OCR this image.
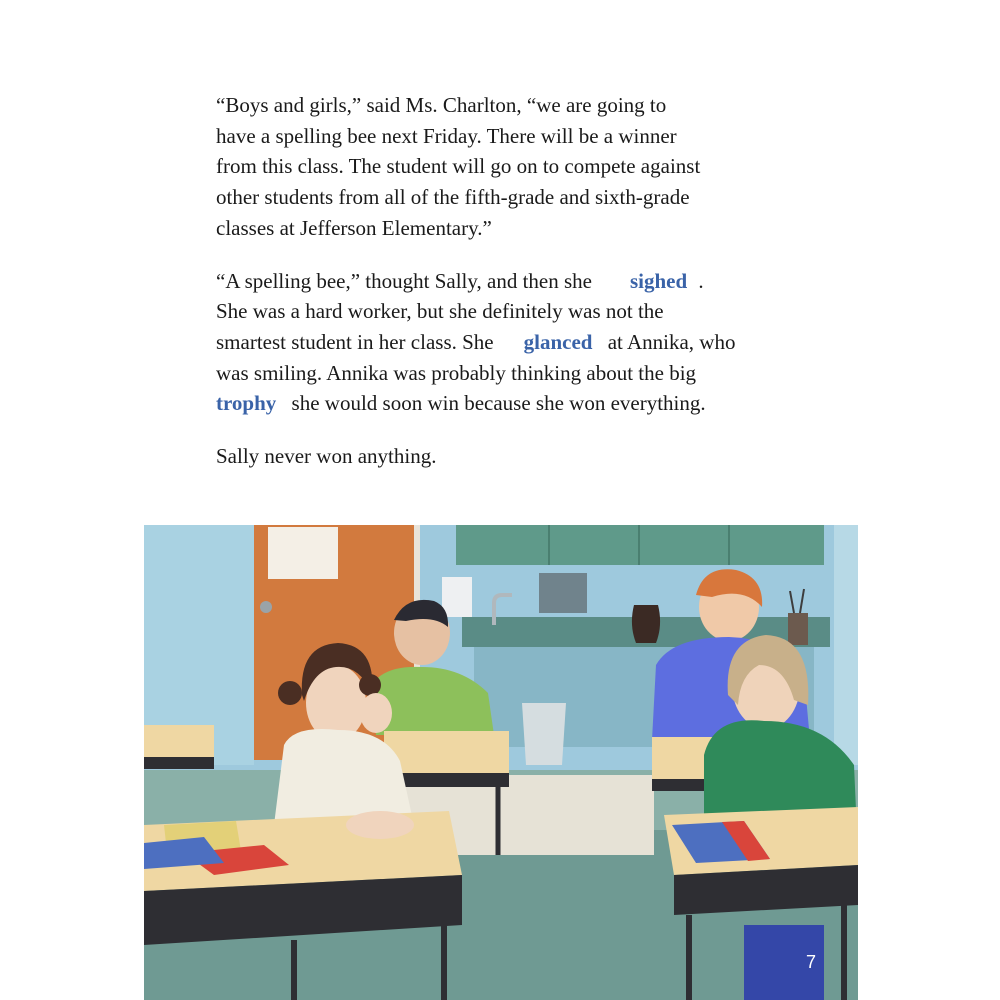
“Boys and girls,” said Ms. Charlton, “we are going to
have a spelling bee next Friday. There will be a winner
from this class. The student will go on to compete against
other students from all of the fifth-grade and sixth-grade
classes at Jefferson Elementary.”

“A spelling bee,” thought Sally, and then she sighed .
She was a hard worker, but she definitely was not the
smartest student in her class. She glanced at Annika, who
was smiling. Annika was probably thinking about the big
trophy she would soon win because she won everything.

Sally never won anything.

7
